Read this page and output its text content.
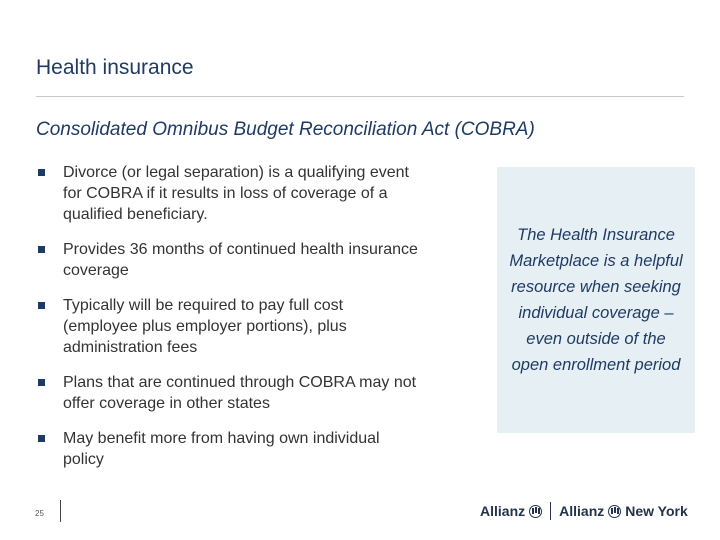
Health insurance
Consolidated Omnibus Budget Reconciliation Act (COBRA)
Divorce (or legal separation) is a qualifying event for COBRA if it results in loss of coverage of a qualified beneficiary.
Provides 36 months of continued health insurance coverage
Typically will be required to pay full cost (employee plus employer portions), plus administration fees
Plans that are continued through COBRA may not offer coverage in other states
May benefit more from having own individual policy
The Health Insurance Marketplace is a helpful resource when seeking individual coverage – even outside of the open enrollment period
25	Allianz Allianz New York
